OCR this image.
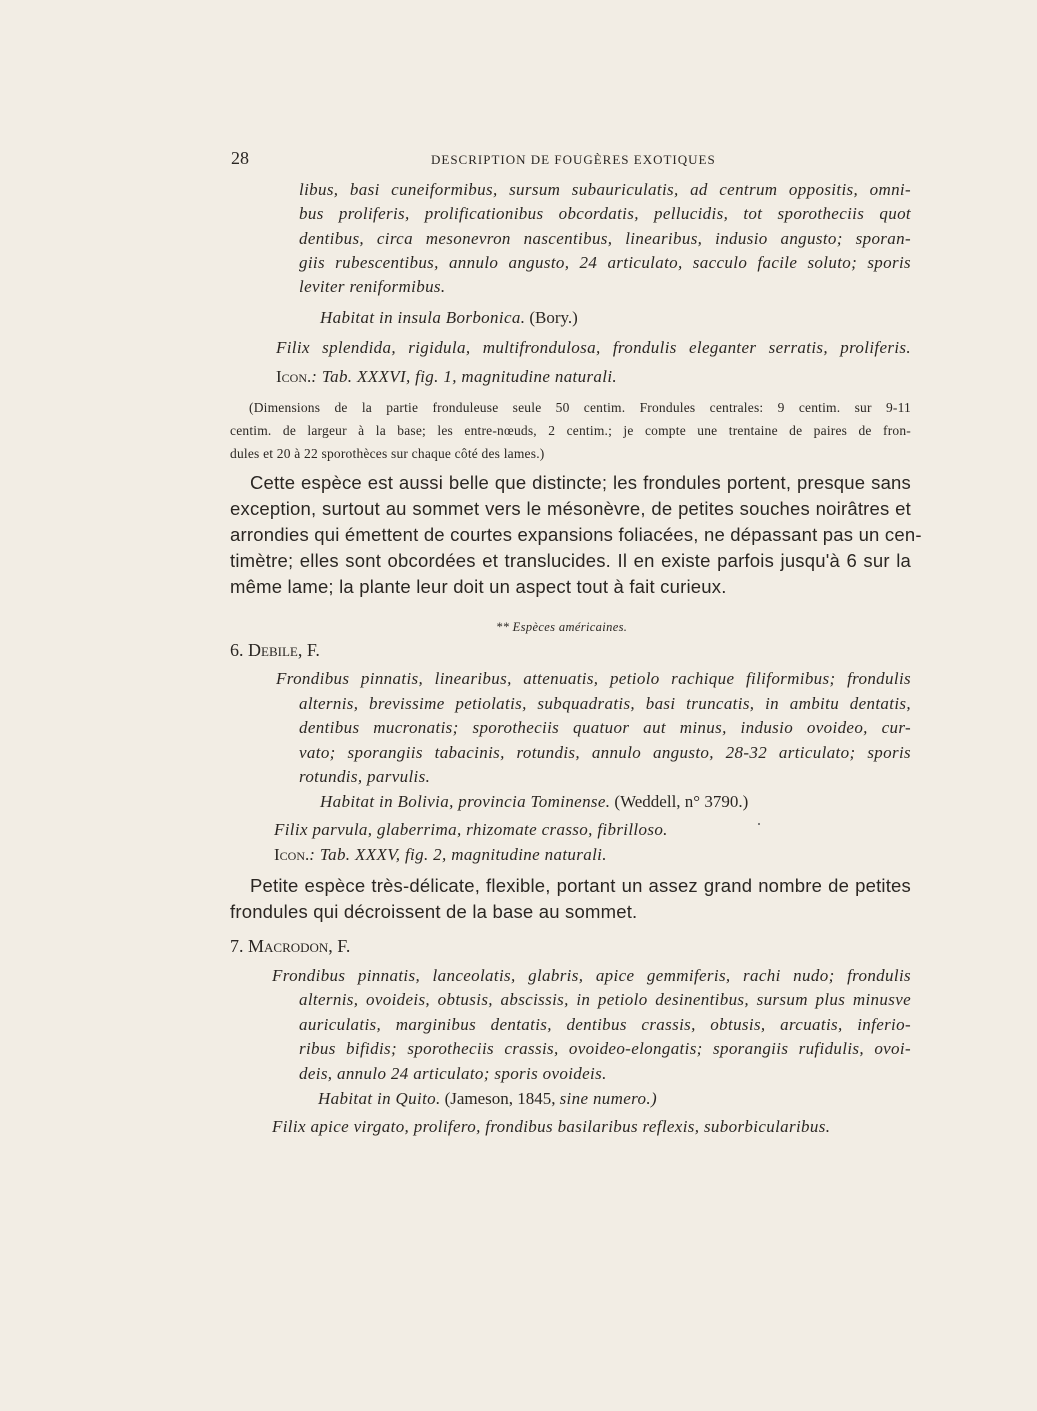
28	DESCRIPTION DE FOUGÈRES EXOTIQUES
libus, basi cuneiformibus, sursum subauriculatis, ad centrum oppositis, omni-
bus proliferis, prolificationibus obcordatis, pellucidis, tot sporotheciis quot
dentibus, circa mesonevron nascentibus, linearibus, indusio angusto; sporan-
giis rubescentibus, annulo angusto, 24 articulato, sacculo facile soluto; sporis
leviter reniformibus.
Habitat in insula Borbonica. (Bory.)
Filix splendida, rigidula, multifrondulosa, frondulis eleganter serratis, proliferis.
Icon.: Tab. XXXVI, fig. 1, magnitudine naturali.
(Dimensions de la partie fronduleuse seule 50 centim. Frondules centrales: 9 centim. sur 9-11
centim. de largeur à la base; les entre-nœuds, 2 centim.; je compte une trentaine de paires de fron-
dules et 20 à 22 sporothèces sur chaque côté des lames.)
Cette espèce est aussi belle que distincte; les frondules portent, presque sans
exception, surtout au sommet vers le mésonèvre, de petites souches noirâtres et
arrondies qui émettent de courtes expansions foliacées, ne dépassant pas un cen-
timètre; elles sont obcordées et translucides. Il en existe parfois jusqu'à 6 sur la
même lame; la plante leur doit un aspect tout à fait curieux.
** Espèces américaines.
6. Debile, F.
Frondibus pinnatis, linearibus, attenuatis, petiolo rachique filiformibus; frondulis
alternis, brevissime petiolatis, subquadratis, basi truncatis, in ambitu dentatis,
dentibus mucronatis; sporotheciis quatuor aut minus, indusio ovoideo, cur-
vato; sporangiis tabacinis, rotundis, annulo angusto, 28-32 articulato; sporis
rotundis, parvulis.
Habitat in Bolivia, provincia Tominense. (Weddell, n° 3790.)
Filix parvula, glaberrima, rhizomate crasso, fibrilloso.
Icon.: Tab. XXXV, fig. 2, magnitudine naturali.
Petite espèce très-délicate, flexible, portant un assez grand nombre de petites
frondules qui décroissent de la base au sommet.
7. Macrodon, F.
Frondibus pinnatis, lanceolatis, glabris, apice gemmiferis, rachi nudo; frondulis
alternis, ovoideis, obtusis, abscissis, in petiolo desinentibus, sursum plus minusve
auriculatis, marginibus dentatis, dentibus crassis, obtusis, arcuatis, inferio-
ribus bifidis; sporotheciis crassis, ovoideo-elongatis; sporangiis rufidulis, ovoi-
deis, annulo 24 articulato; sporis ovoideis.
Habitat in Quito. (Jameson, 1845, sine numero.)
Filix apice virgato, prolifero, frondibus basilaribus reflexis, suborbicularibus.
